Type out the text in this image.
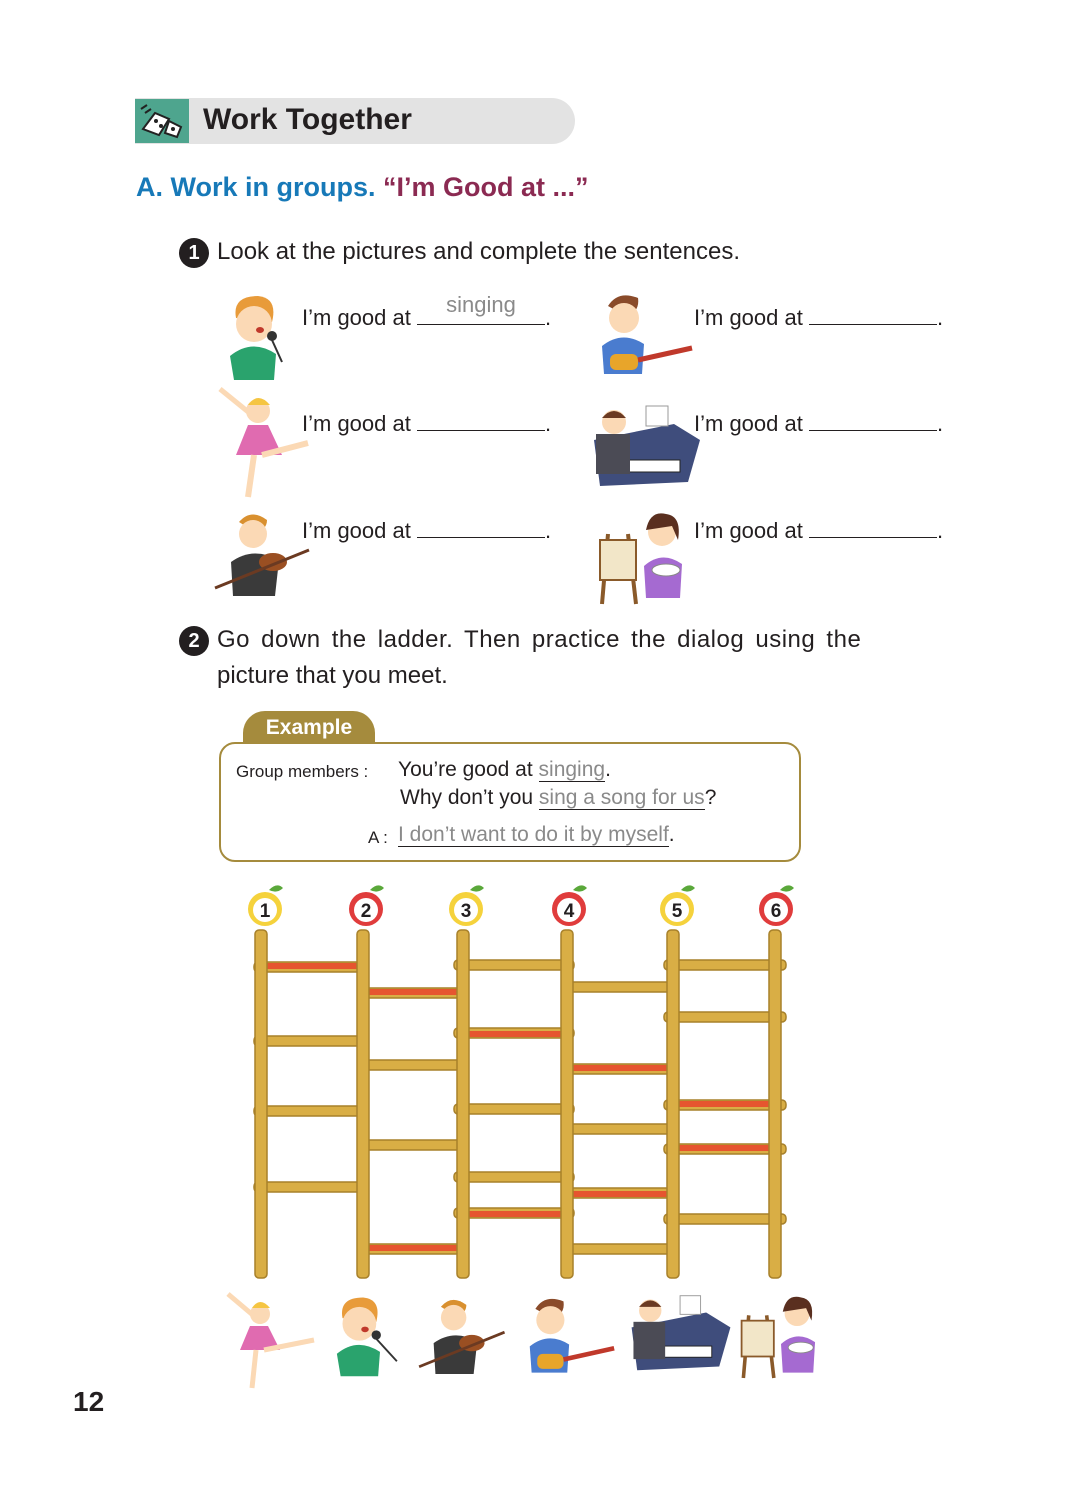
Work Together
A. Work in groups. “I’m Good at ...”
1 Look at the pictures and complete the sentences.
I’m good at
singing
.	I’m good at	.
I’m good at	.	I’m good at	.
I’m good at	.	I’m good at	.
2 Go down the ladder. Then practice the dialog using the
picture that you meet.
Example
Group members : You’re good at singing.
Why don’t you sing a song for us?
A : I don’t want to do it by myself.
1	2	3	4	5	6
12
